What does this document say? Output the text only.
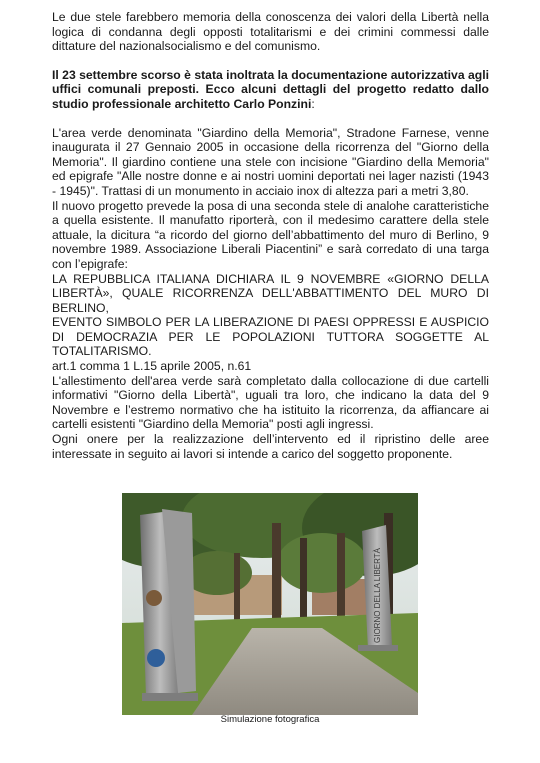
Le due stele farebbero memoria della conoscenza dei valori della Libertà nella logica di condanna degli opposti totalitarismi e dei crimini commessi dalle dittature del nazionalsocialismo e del comunismo.

Il 23 settembre scorso è stata inoltrata la documentazione autorizzativa agli uffici comunali preposti. Ecco alcuni dettagli del progetto redatto dallo studio professionale architetto Carlo Ponzini:

L'area verde denominata "Giardino della Memoria", Stradone Farnese, venne inaugurata il 27 Gennaio 2005 in occasione della ricorrenza del "Giorno della Memoria". Il giardino contiene una stele con incisione "Giardino della Memoria" ed epigrafe "Alle nostre donne e ai nostri uomini deportati nei lager nazisti (1943 - 1945)". Trattasi di un monumento in acciaio inox di altezza pari a metri 3,80.

Il nuovo progetto prevede la posa di una seconda stele di analohe caratteristiche a quella esistente. Il manufatto riporterà, con il medesimo carattere della stele attuale, la dicitura “a ricordo del giorno dell’abbattimento del muro di Berlino, 9 novembre 1989. Associazione Liberali Piacentini” e sarà corredato di una targa con l’epigrafe:

LA REPUBBLICA ITALIANA DICHIARA IL 9 NOVEMBRE «GIORNO DELLA LIBERTÀ», QUALE RICORRENZA DELL'ABBATTIMENTO DEL MURO DI BERLINO,

EVENTO SIMBOLO PER LA LIBERAZIONE DI PAESI OPPRESSI E AUSPICIO DI DEMOCRAZIA PER LE POPOLAZIONI TUTTORA SOGGETTE AL TOTALITARISMO.

art.1 comma 1 L.15 aprile 2005, n.61

L'allestimento dell'area verde sarà completato dalla collocazione di due cartelli informativi "Giorno della Libertà", uguali tra loro, che indicano la data del 9 Novembre e l’estremo normativo che ha istituito la ricorrenza, da affiancare ai cartelli esistenti "Giardino della Memoria" posti agli ingressi.

Ogni onere per la realizzazione dell’intervento ed il ripristino delle aree interessate in seguito ai lavori si intende a carico del soggetto proponente.

GIORNO DELLA LIBERTÀ
Simulazione fotografica
